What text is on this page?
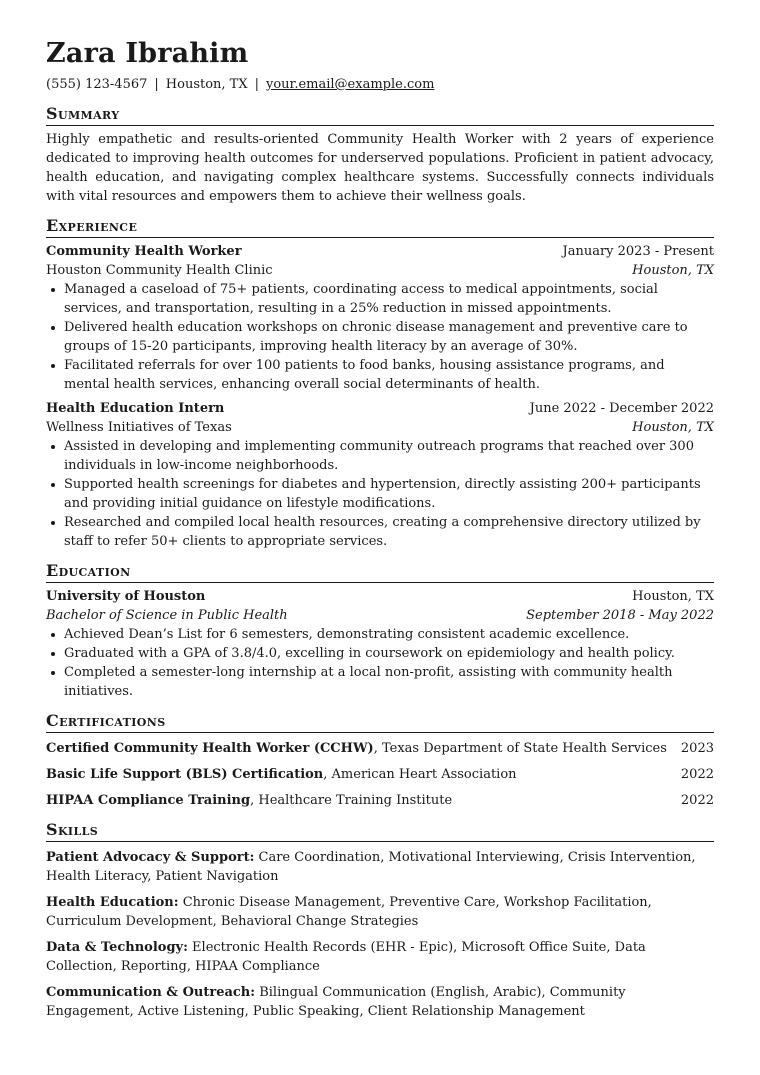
Zara Ibrahim
(555) 123-4567 | Houston, TX | your.email@example.com
Summary
Highly empathetic and results-oriented Community Health Worker with 2 years of experience dedicated to improving health outcomes for underserved populations. Proficient in patient advocacy, health education, and navigating complex healthcare systems. Successfully connects individuals with vital resources and empowers them to achieve their wellness goals.
Experience
Community Health Worker	January 2023 - Present
Houston Community Health Clinic	Houston, TX
Managed a caseload of 75+ patients, coordinating access to medical appointments, social services, and transportation, resulting in a 25% reduction in missed appointments.
Delivered health education workshops on chronic disease management and preventive care to groups of 15-20 participants, improving health literacy by an average of 30%.
Facilitated referrals for over 100 patients to food banks, housing assistance programs, and mental health services, enhancing overall social determinants of health.
Health Education Intern	June 2022 - December 2022
Wellness Initiatives of Texas	Houston, TX
Assisted in developing and implementing community outreach programs that reached over 300 individuals in low-income neighborhoods.
Supported health screenings for diabetes and hypertension, directly assisting 200+ participants and providing initial guidance on lifestyle modifications.
Researched and compiled local health resources, creating a comprehensive directory utilized by staff to refer 50+ clients to appropriate services.
Education
University of Houston	Houston, TX
Bachelor of Science in Public Health	September 2018 - May 2022
Achieved Dean’s List for 6 semesters, demonstrating consistent academic excellence.
Graduated with a GPA of 3.8/4.0, excelling in coursework on epidemiology and health policy.
Completed a semester-long internship at a local non-profit, assisting with community health initiatives.
Certifications
Certified Community Health Worker (CCHW), Texas Department of State Health Services 2023
Basic Life Support (BLS) Certification, American Heart Association	2022
HIPAA Compliance Training, Healthcare Training Institute	2022
Skills
Patient Advocacy & Support: Care Coordination, Motivational Interviewing, Crisis Intervention, Health Literacy, Patient Navigation
Health Education: Chronic Disease Management, Preventive Care, Workshop Facilitation, Curriculum Development, Behavioral Change Strategies
Data & Technology: Electronic Health Records (EHR - Epic), Microsoft Office Suite, Data Collection, Reporting, HIPAA Compliance
Communication & Outreach: Bilingual Communication (English, Arabic), Community Engagement, Active Listening, Public Speaking, Client Relationship Management
